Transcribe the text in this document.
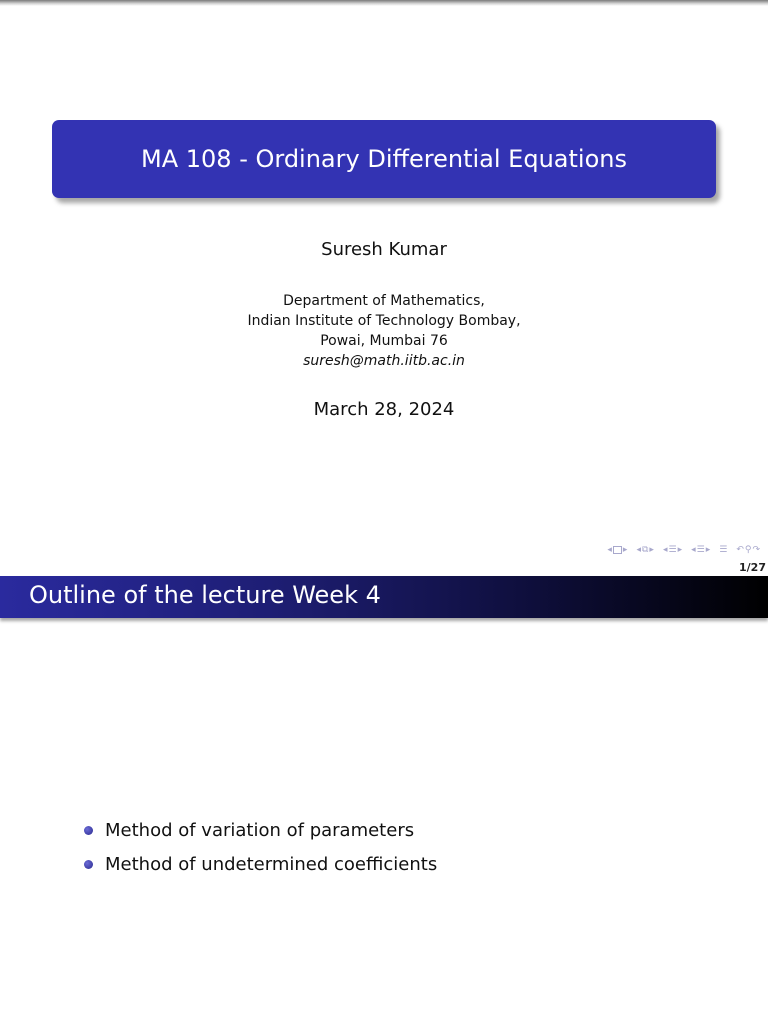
MA 108 - Ordinary Differential Equations
Suresh Kumar
Department of Mathematics,
Indian Institute of Technology Bombay,
Powai, Mumbai 76
suresh@math.iitb.ac.in
March 28, 2024
◂ ▸ ◂ ⧉ ▸ ◂ ☰ ▸ ◂ ☰ ▸ ☰ ↶ ⚲ ↷
1/27
Outline of the lecture Week 4
Method of variation of parameters
Method of undetermined coefficients
